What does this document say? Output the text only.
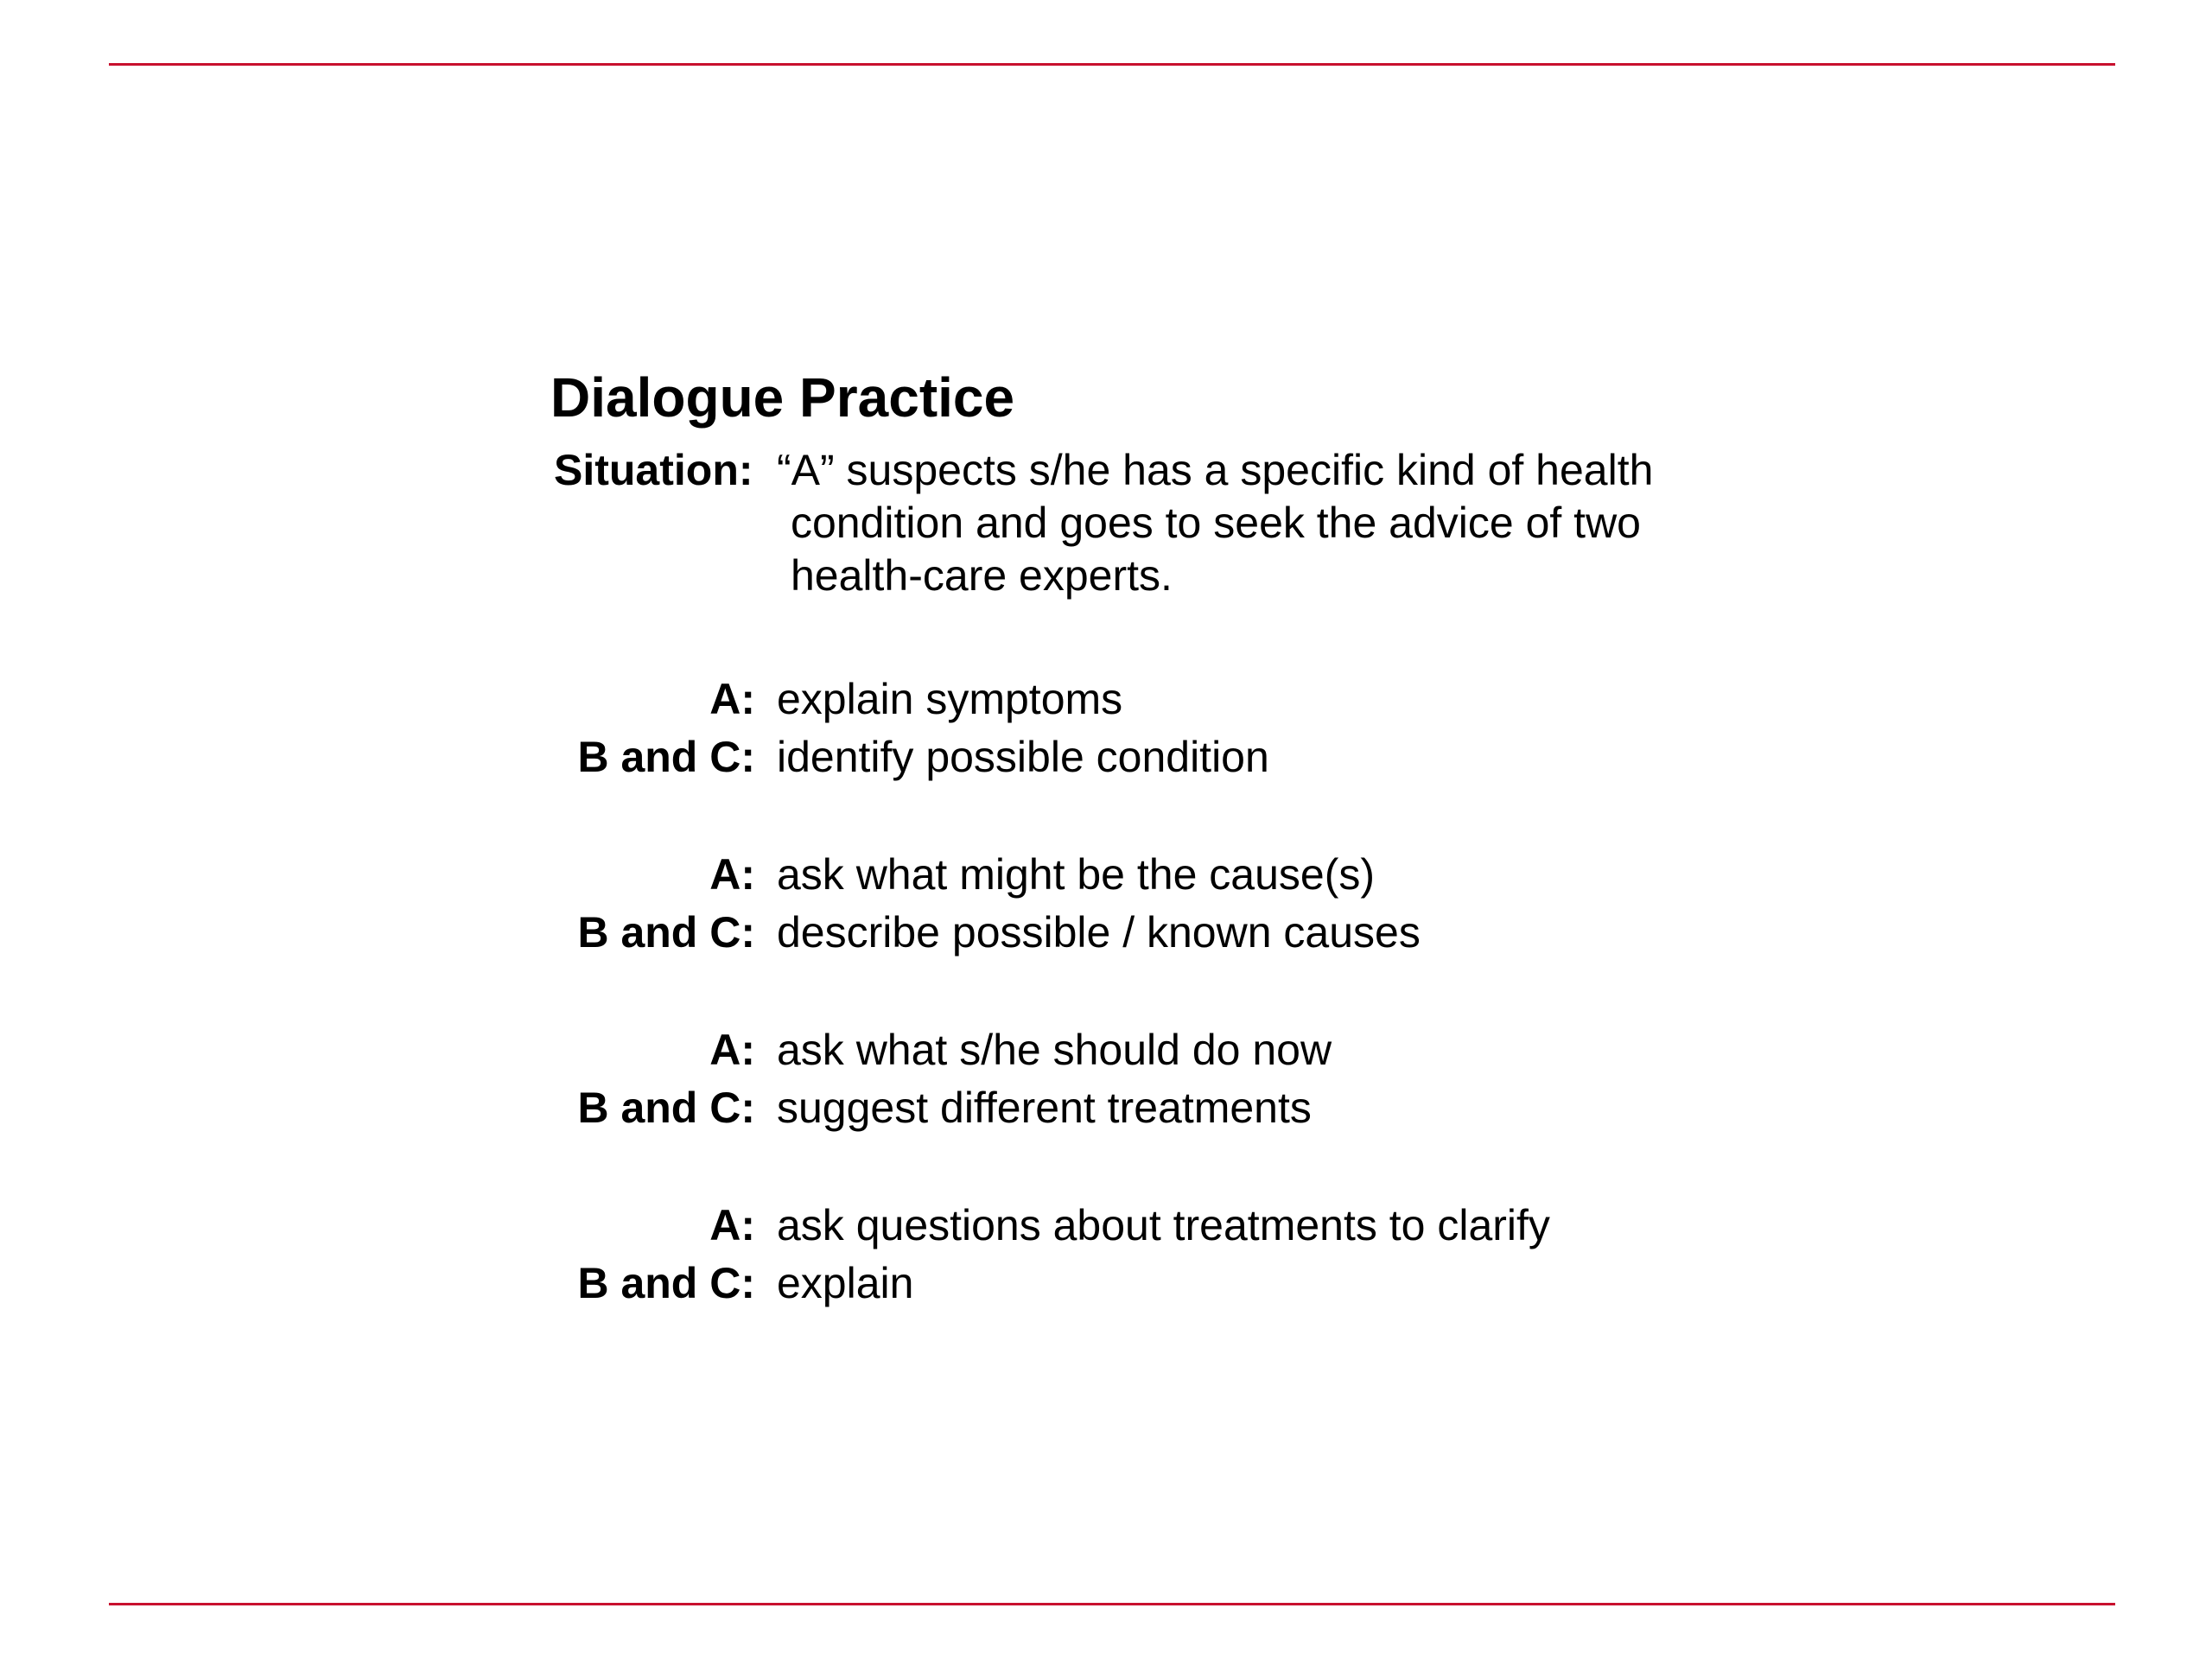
Dialogue Practice
Situation: “A” suspects s/he has a specific kind of health
condition and goes to seek the advice of two
health-care experts.
A: explain symptoms
B and C: identify possible condition
A: ask what might be the cause(s)
B and C: describe possible / known causes
A: ask what s/he should do now
B and C: suggest different treatments
A: ask questions about treatments to clarify
B and C: explain
